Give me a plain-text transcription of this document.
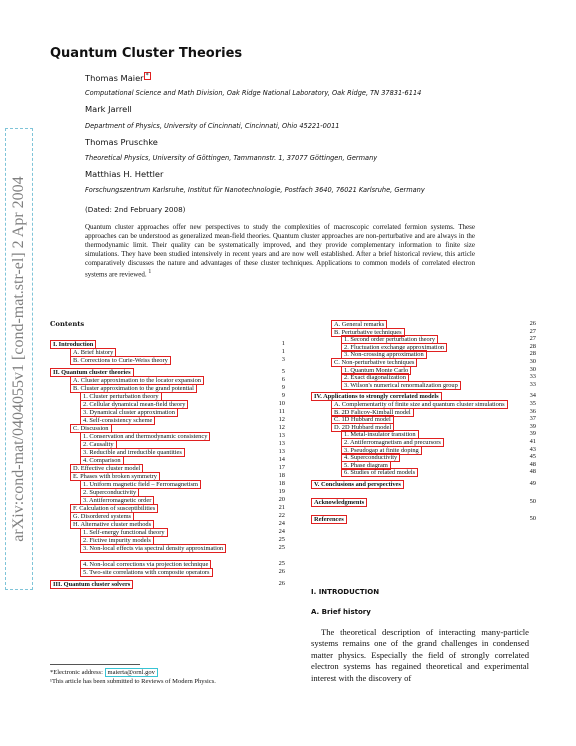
arXiv:cond-mat/0404055v1 [cond-mat.str-el] 2 Apr 2004
Quantum Cluster Theories
Thomas Maier *
Computational Science and Math Division, Oak Ridge National Laboratory, Oak Ridge, TN 37831-6114
Mark Jarrell
Department of Physics, University of Cincinnati, Cincinnati, Ohio 45221-0011
Thomas Pruschke
Theoretical Physics, University of Göttingen, Tammannstr. 1, 37077 Göttingen, Germany
Matthias H. Hettler
Forschungszentrum Karlsruhe, Institut für Nanotechnologie, Postfach 3640, 76021 Karlsruhe, Germany
(Dated: 2nd February 2008)
Quantum cluster approaches offer new perspectives to study the complexities of macroscopic correlated fermion systems. These approaches can be understood as generalized mean-field theories. Quantum cluster approaches are non-perturbative and are always in the thermodynamic limit. Their quality can be systematically improved, and they provide complementary information to finite size simulations. They have been studied intensively in recent years and are now well established. After a brief historical review, this article comparatively discusses the nature and advantages of these cluster techniques. Applications to common models of correlated electron systems are reviewed. $^1$
Contents
I. Introduction	1
A. Brief history	1
B. Corrections to Curie-Weiss theory	3
II. Quantum cluster theories	5
A. Cluster approximation to the locator expansion	6
B. Cluster approximation to the grand potential	9
1. Cluster perturbation theory	9
2. Cellular dynamical mean-field theory	10
3. Dynamical cluster approximation	11
4. Self-consistency scheme	12
C. Discussion	12
1. Conservation and thermodynamic consistency	13
2. Causality	13
3. Reducible and irreducible quantities	13
4. Comparison	14
D. Effective cluster model	17
E. Phases with broken symmetry	18
1. Uniform magnetic field – Ferromagnetism	18
2. Superconductivity	19
3. Antiferromagnetic order	20
F. Calculation of susceptibilities	21
G. Disordered systems	22
H. Alternative cluster methods	24
1. Self-energy functional theory	24
2. Fictive impurity models	25
3. Non-local effects via spectral density approximation	25
4. Non-local corrections via projection technique	25
5. Two-site correlations with composite operators	26
III. Quantum cluster solvers	26
A. General remarks	26
B. Perturbative techniques	27
1. Second order perturbation theory	27
2. Fluctuation exchange approximation	28
3. Non-crossing approximation	28
C. Non-perturbative techniques	30
1. Quantum Monte Carlo	30
2. Exact diagonalization	33
3. Wilson's numerical renormalization group	33
IV. Applications to strongly correlated models	34
A. Complementarity of finite size and quantum cluster simulations	35
B. 2D Falicov-Kimball model	36
C. 1D Hubbard model	37
D. 2D Hubbard model	39
1. Metal-insulator transition	39
2. Antiferromagnetism and precursors	41
3. Pseudogap at finite doping	43
4. Superconductivity	45
5. Phase diagram	48
6. Studies of related models	48
V. Conclusions and perspectives	49
Acknowledgments	50
References	50
I. INTRODUCTION
A. Brief history
The theoretical description of interacting many-particle systems remains one of the grand challenges in condensed matter physics. Especially the field of strongly correlated electron systems has regained theoretical and experimental interest with the discovery of
*Electronic address: maierta@ornl.gov
¹This article has been submitted to Reviews of Modern Physics.
